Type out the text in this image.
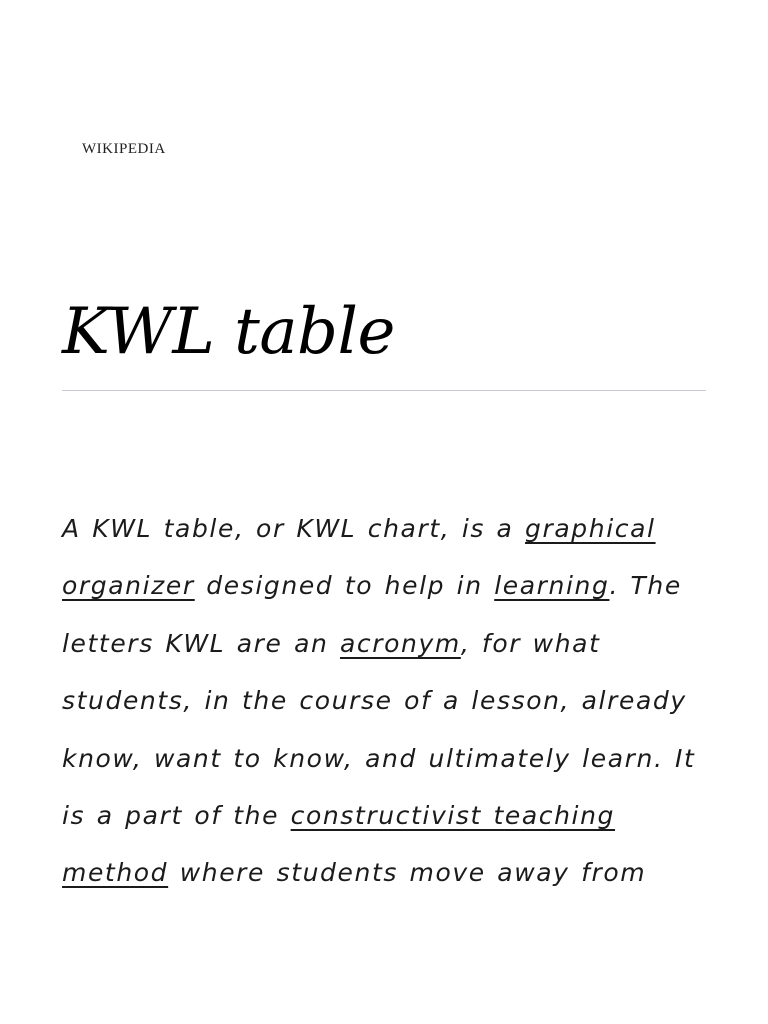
wikipedia
KWL table

A KWL table, or KWL chart, is a graphical organizer designed to help in learning. The letters KWL are an acronym, for what students, in the course of a lesson, already know, want to know, and ultimately learn. It is a part of the constructivist teaching method where students move away from
